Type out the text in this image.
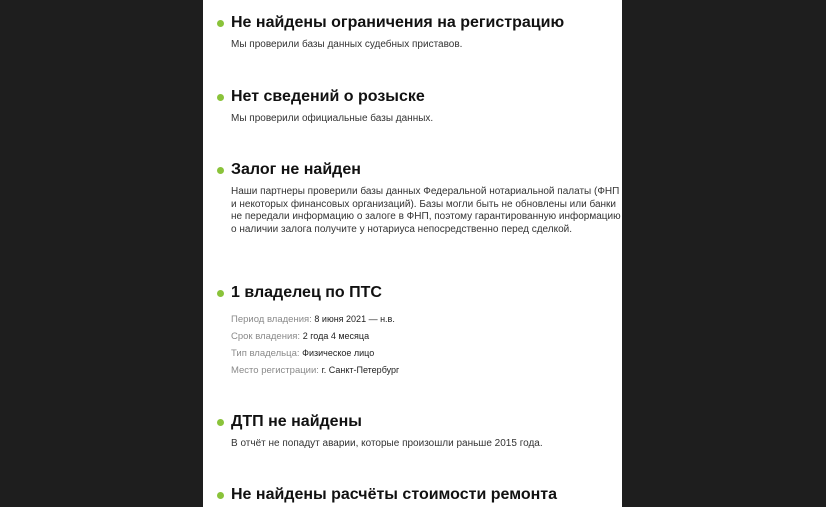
Не найдены ограничения на регистрацию
Мы проверили базы данных судебных приставов.
Нет сведений о розыске
Мы проверили официальные базы данных.
Залог не найден
Наши партнеры проверили базы данных Федеральной нотариальной палаты (ФНП и некоторых финансовых организаций). Базы могли быть не обновлены или банки не передали информацию о залоге в ФНП, поэтому гарантированную информацию о наличии залога получите у нотариуса непосредственно перед сделкой.
1 владелец по ПТС
Период владения: 8 июня 2021 — н.в.
Срок владения: 2 года 4 месяца
Тип владельца: Физическое лицо
Место регистрации: г. Санкт-Петербург
ДТП не найдены
В отчёт не попадут аварии, которые произошли раньше 2015 года.
Не найдены расчёты стоимости ремонта
